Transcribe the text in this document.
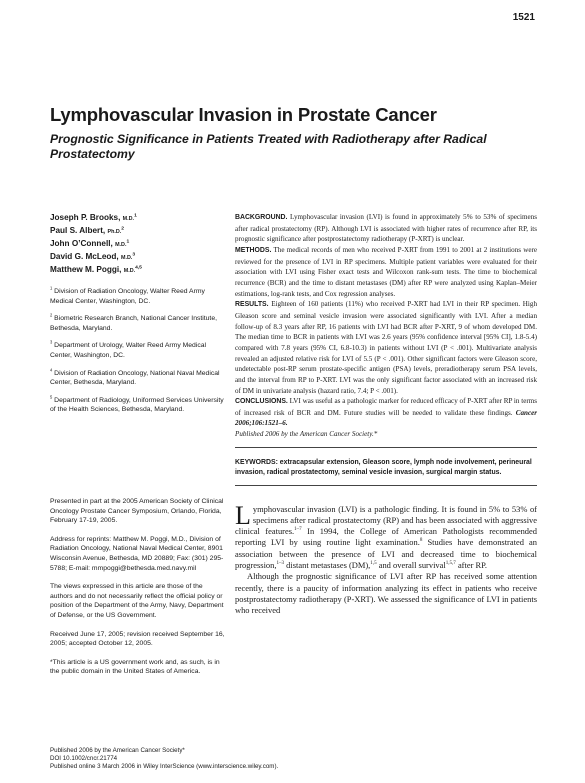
1521
Lymphovascular Invasion in Prostate Cancer
Prognostic Significance in Patients Treated with Radiotherapy after Radical Prostatectomy
Joseph P. Brooks, M.D.$^1$
Paul S. Albert, Ph.D.$^2$
John O’Connell, M.D.$^1$
David G. McLeod, M.D.$^3$
Matthew M. Poggi, M.D.$^{4,5}$
$^1$ Division of Radiation Oncology, Walter Reed Army Medical Center, Washington, DC.
$^2$ Biometric Research Branch, National Cancer Institute, Bethesda, Maryland.
$^3$ Department of Urology, Walter Reed Army Medical Center, Washington, DC.
$^4$ Division of Radiation Oncology, National Naval Medical Center, Bethesda, Maryland.
$^5$ Department of Radiology, Uniformed Services University of the Health Sciences, Bethesda, Maryland.
Presented in part at the 2005 American Society of Clinical Oncology Prostate Cancer Symposium, Orlando, Florida, February 17-19, 2005.
Address for reprints: Matthew M. Poggi, M.D., Division of Radiation Oncology, National Naval Medical Center, 8901 Wisconsin Avenue, Bethesda, MD 20889; Fax: (301) 295-5788; E-mail: mmpoggi@bethesda.med.navy.mil
The views expressed in this article are those of the authors and do not necessarily reflect the official policy or position of the Department of the Army, Navy, Department of Defense, or the US Government.
Received June 17, 2005; revision received September 16, 2005; accepted October 12, 2005.
*This article is a US government work and, as such, is in the public domain in the United States of America.

BACKGROUND. Lymphovascular invasion (LVI) is found in approximately 5% to 53% of specimens after radical prostatectomy (RP). Although LVI is associated with higher rates of recurrence after RP, its prognostic significance after postprostatectomy radiotherapy (P-XRT) is unclear.

METHODS. The medical records of men who received P-XRT from 1991 to 2001 at 2 institutions were reviewed for the presence of LVI in RP specimens. Multiple patient variables were evaluated for their association with LVI using Fisher exact tests and Wilcoxon rank-sum tests. The time to biochemical recurrence (BCR) and the time to distant metastases (DM) after RP were analyzed using Kaplan–Meier estimations, log-rank tests, and Cox regression analyses.

RESULTS. Eighteen of 160 patients (11%) who received P-XRT had LVI in their RP specimen. High Gleason score and seminal vesicle invasion were associated significantly with LVI. After a median follow-up of 8.3 years after RP, 16 patients with LVI had BCR after P-XRT, 9 of whom developed DM. The median time to BCR in patients with LVI was 2.6 years (95% confidence interval [95% CI], 1.8-5.4) compared with 7.8 years (95% CI, 6.8-10.3) in patients without LVI (P < .001). Multivariate analysis revealed an adjusted relative risk for LVI of 5.5 (P < .001). Other significant factors were Gleason score, undetectable post-RP serum prostate-specific antigen (PSA) levels, preradiotherapy serum PSA levels, and the interval from RP to P-XRT. LVI was the only significant factor associated with an increased risk of DM in univariate analysis (hazard ratio, 7.4; P < .001).

CONCLUSIONS. LVI was useful as a pathologic marker for reduced efficacy of P-XRT after RP in terms of increased risk of BCR and DM. Future studies will be needed to validate these findings. Cancer 2006;106:1521–6.

Published 2006 by the American Cancer Society.*

KEYWORDS: extracapsular extension, Gleason score, lymph node involvement, perineural invasion, radical prostatectomy, seminal vesicle invasion, surgical margin status.

Lymphovascular invasion (LVI) is a pathologic finding. It is found in 5% to 53% of specimens after radical prostatectomy (RP) and has been associated with aggressive clinical features.$^{1-7}$ In 1994, the College of American Pathologists recommended reporting LVI by using routine light examination.$^8$ Studies have demonstrated an association between the presence of LVI and decreased time to biochemical progression,$^{1-3}$ distant metastases (DM),$^{1,5}$ and overall survival$^{1,5,7}$ after RP.

Although the prognostic significance of LVI after RP has received some attention recently, there is a paucity of information analyzing its effect in patients who receive postprostatectomy radiotherapy (P-XRT). We assessed the significance of LVI in patients who received

Published 2006 by the American Cancer Society*
DOI 10.1002/cncr.21774
Published online 3 March 2006 in Wiley InterScience (www.interscience.wiley.com).
